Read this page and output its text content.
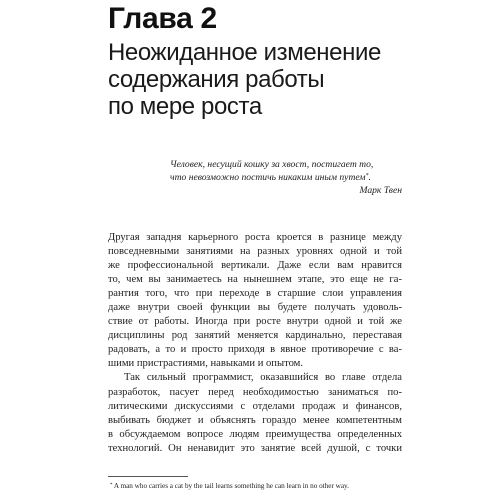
Глава 2
Неожиданное изменение
содержания работы
по мере роста
Человек, несущий кошку за хвост, постигает то,
что невозможно постичь никаким иным путем*.
Марк Твен
Другая западня карьерного роста кроется в разнице между
повседневными занятиями на разных уровнях одной и той
же профессиональной вертикали. Даже если вам нравится
то, чем вы занимаетесь на нынешнем этапе, это еще не га-
рантия того, что при переходе в старшие слои управления
даже внутри своей функции вы будете получать удоволь-
ствие от работы. Иногда при росте внутри одной и той же
дисциплины род занятий меняется кардинально, переставая
радовать, а то и просто приходя в явное противоречие с ва-
шими пристрастиями, навыками и опытом.
Так сильный программист, оказавшийся во главе отдела
разработок, пасует перед необходимостью заниматься по-
литическими дискуссиями с отделами продаж и финансов,
выбивать бюджет и объяснять гораздо менее компетентным
в обсуждаемом вопросе людям преимущества определенных
технологий. Он ненавидит это занятие всей душой, с точки
* A man who carries a cat by the tail learns something he can learn in no other way.
